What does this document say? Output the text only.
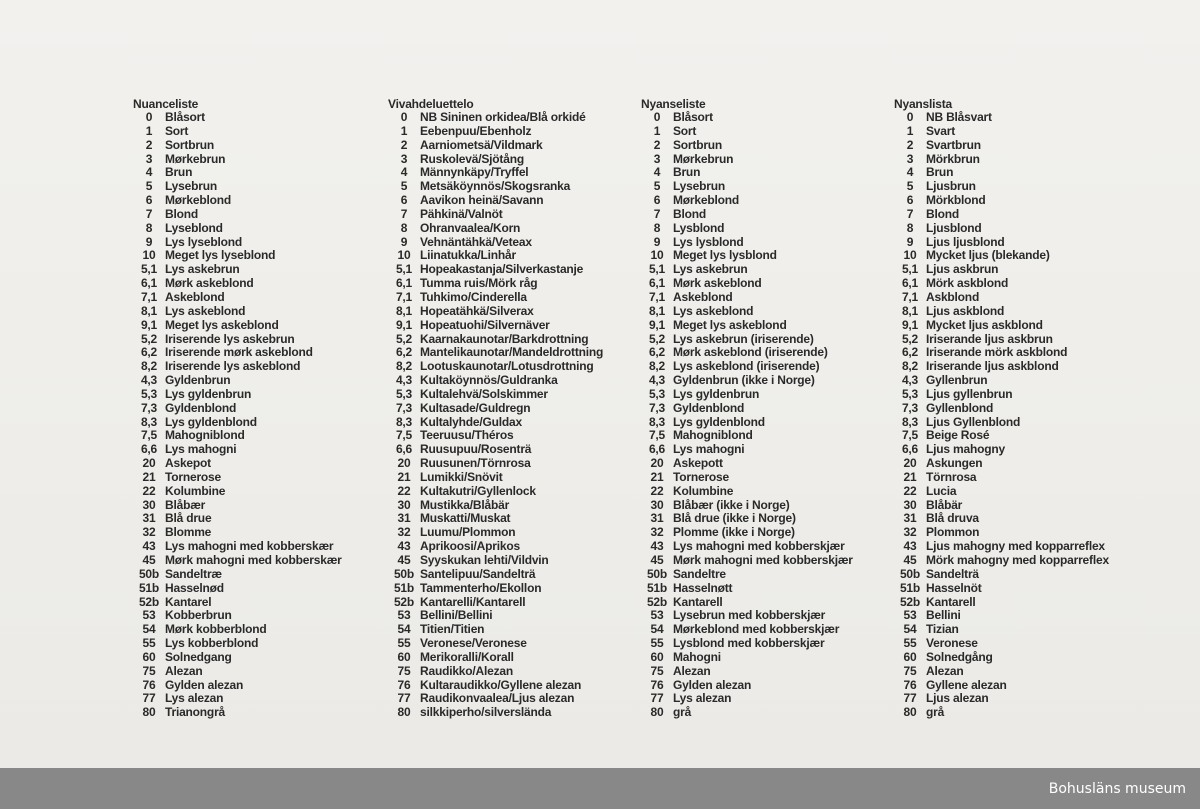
Nuanceliste
0	Blåsort
1	Sort
2	Sortbrun
3	Mørkebrun
4	Brun
5	Lysebrun
6	Mørkeblond
7	Blond
8	Lyseblond
9	Lys lyseblond
10 Meget lys lyseblond
5,1 Lys askebrun
6,1 Mørk askeblond
7,1 Askeblond
8,1 Lys askeblond
9,1 Meget lys askeblond
5,2 Iriserende lys askebrun
6,2 Iriserende mørk askeblond
8,2 Iriserende lys askeblond
4,3 Gyldenbrun
5,3 Lys gyldenbrun
7,3 Gyldenblond
8,3 Lys gyldenblond
7,5 Mahogniblond
6,6 Lys mahogni
20 Askepot
21 Tornerose
22 Kolumbine
30 Blåbær
31 Blå drue
32 Blomme
43 Lys mahogni med kobberskær
45 Mørk mahogni med kobberskær
50b Sandeltræ
51b Hasselnød
52b Kantarel
53 Kobberbrun
54 Mørk kobberblond
55 Lys kobberblond
60 Solnedgang
75 Alezan
76 Gylden alezan
77 Lys alezan
80 Trianongrå
Vivahdeluettelo
0	NB Sininen orkidea/Blå orkidé
1	Eebenpuu/Ebenholz
2	Aarniometsä/Vildmark
3	Ruskolevä/Sjötång
4	Männynkäpy/Tryffel
5	Metsäköynnös/Skogsranka
6	Aavikon heinä/Savann
7	Pähkinä/Valnöt
8	Ohranvaalea/Korn
9	Vehnäntähkä/Veteax
10 Liinatukka/Linhår
5,1 Hopeakastanja/Silverkastanje
6,1 Tumma ruis/Mörk råg
7,1 Tuhkimo/Cinderella
8,1 Hopeatähkä/Silverax
9,1 Hopeatuohi/Silvernäver
5,2 Kaarnakaunotar/Barkdrottning
6,2 Mantelikaunotar/Mandeldrottning
8,2 Lootuskaunotar/Lotusdrottning
4,3 Kultaköynnös/Guldranka
5,3 Kultalehvä/Solskimmer
7,3 Kultasade/Guldregn
8,3 Kultalyhde/Guldax
7,5 Teeruusu/Théros
6,6 Ruusupuu/Rosenträ
20 Ruusunen/Törnrosa
21 Lumikki/Snövit
22 Kultakutri/Gyllenlock
30 Mustikka/Blåbär
31 Muskatti/Muskat
32 Luumu/Plommon
43 Aprikoosi/Aprikos
45 Syyskukan lehti/Vildvin
50b Santelipuu/Sandelträ
51b Tammenterho/Ekollon
52b Kantarelli/Kantarell
53 Bellini/Bellini
54 Titien/Titien
55 Veronese/Veronese
60 Merikoralli/Korall
75 Raudikko/Alezan
76 Kultaraudikko/Gyllene alezan
77 Raudikonvaalea/Ljus alezan
80 silkkiperho/silverslända
Nyanseliste
0	Blåsort
1	Sort
2	Sortbrun
3	Mørkebrun
4	Brun
5	Lysebrun
6	Mørkeblond
7	Blond
8	Lysblond
9	Lys lysblond
10 Meget lys lysblond
5,1 Lys askebrun
6,1 Mørk askeblond
7,1 Askeblond
8,1 Lys askeblond
9,1 Meget lys askeblond
5,2 Lys askebrun (iriserende)
6,2 Mørk askeblond (iriserende)
8,2 Lys askeblond (iriserende)
4,3 Gyldenbrun (ikke i Norge)
5,3 Lys gyldenbrun
7,3 Gyldenblond
8,3 Lys gyldenblond
7,5 Mahogniblond
6,6 Lys mahogni
20 Askepott
21 Tornerose
22 Kolumbine
30 Blåbær (ikke i Norge)
31 Blå drue (ikke i Norge)
32 Plomme (ikke i Norge)
43 Lys mahogni med kobberskjær
45 Mørk mahogni med kobberskjær
50b Sandeltre
51b Hasselnøtt
52b Kantarell
53 Lysebrun med kobberskjær
54 Mørkeblond med kobberskjær
55 Lysblond med kobberskjær
60 Mahogni
75 Alezan
76 Gylden alezan
77 Lys alezan
80 grå
Nyanslista
0	NB Blåsvart
1	Svart
2	Svartbrun
3	Mörkbrun
4	Brun
5	Ljusbrun
6	Mörkblond
7	Blond
8	Ljusblond
9	Ljus ljusblond
10 Mycket ljus (blekande)
5,1 Ljus askbrun
6,1 Mörk askblond
7,1 Askblond
8,1 Ljus askblond
9,1 Mycket ljus askblond
5,2 Iriserande ljus askbrun
6,2 Iriserande mörk askblond
8,2 Iriserande ljus askblond
4,3 Gyllenbrun
5,3 Ljus gyllenbrun
7,3 Gyllenblond
8,3 Ljus Gyllenblond
7,5 Beige Rosé
6,6 Ljus mahogny
20 Askungen
21 Törnrosa
22 Lucia
30 Blåbär
31 Blå druva
32 Plommon
43 Ljus mahogny med kopparreflex
45 Mörk mahogny med kopparreflex
50b Sandelträ
51b Hasselnöt
52b Kantarell
53 Bellini
54 Tizian
55 Veronese
60 Solnedgång
75 Alezan
76 Gyllene alezan
77 Ljus alezan
80 grå
Bohusläns museum
